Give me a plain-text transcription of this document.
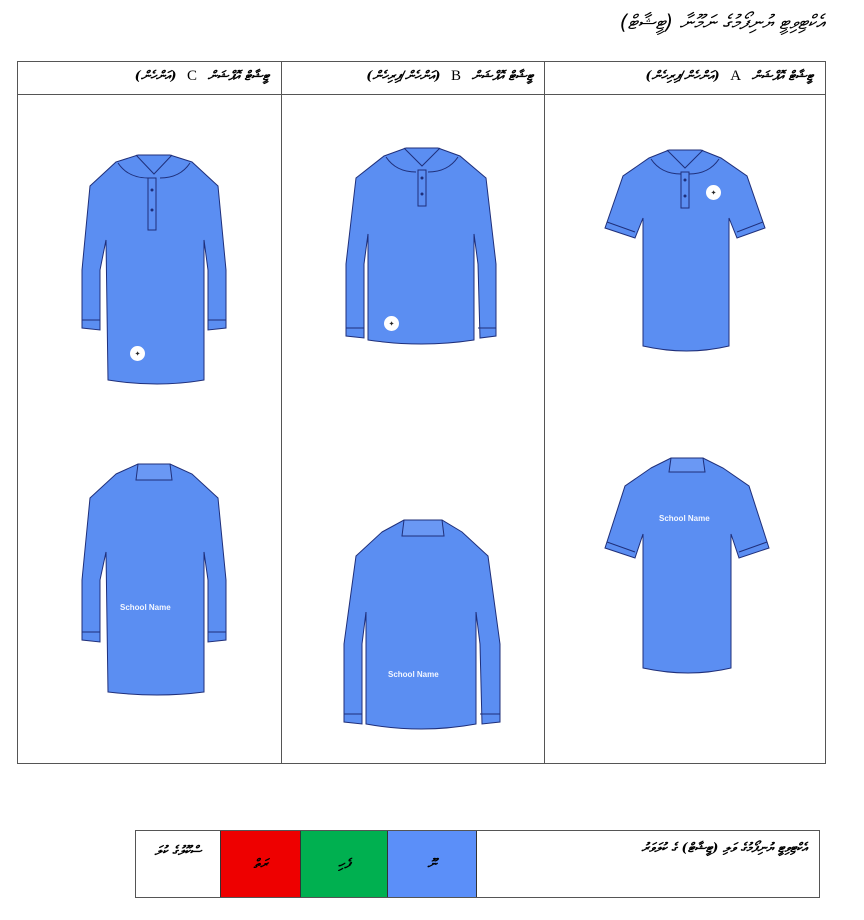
އެކްޓިވިޓީ ޔުނިފޯމުގެ ނަމޫނާ (ޓީޝާޓް)
ޓީޝާޓް އޮޕްޝަން C (އަންހެން)
✦
School Name
ޓީޝާޓް އޮޕްޝަން B (އަންހެން/ފިރިހެން)
✦
School Name
ޓީޝާޓް އޮޕްޝަން A (އަންހެން/ފިރިހެން)
✦
School Name
ސްކޫލުގެ ކުލަ
ރަތް	ފެހި	ނޫ
އެކްޓިވިޓީ ޔުނިފޯމުގެ ވަލި (ޓީޝާޓް) ގެ ކުލަވަރު
